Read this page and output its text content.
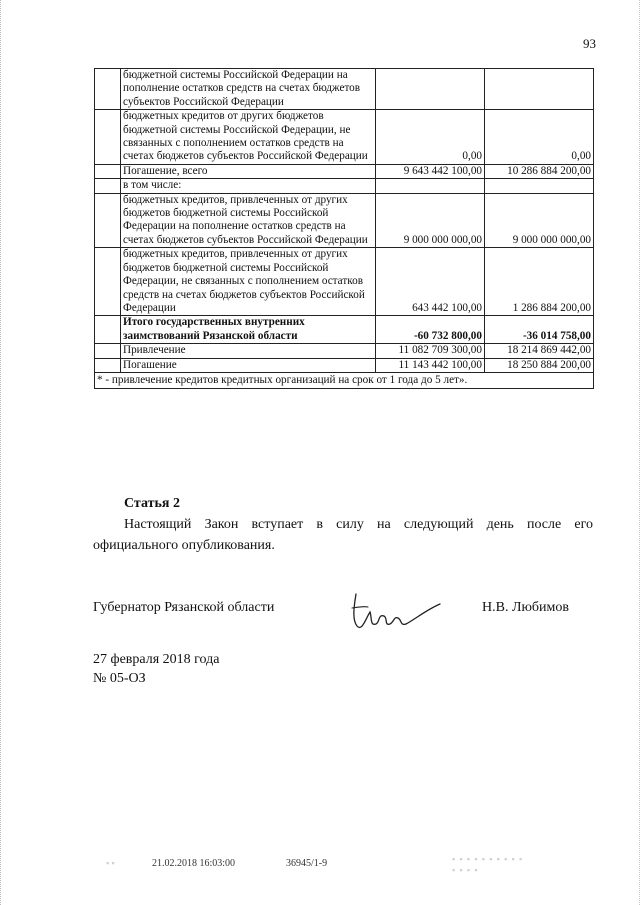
93
	бюджетной системы Российской Федерации на пополнение остатков средств на счетах бюджетов субъектов Российской Федерации		
	бюджетных кредитов от других бюджетов бюджетной системы Российской Федерации, не связанных с пополнением остатков средств на счетах бюджетов субъектов Российской Федерации	0,00	0,00
	Погашение, всего	9 643 442 100,00	10 286 884 200,00
	в том числе:		
	бюджетных кредитов, привлеченных от других бюджетов бюджетной системы Российской Федерации на пополнение остатков средств на счетах бюджетов субъектов Российской Федерации	9 000 000 000,00	9 000 000 000,00
	бюджетных кредитов, привлеченных от других бюджетов бюджетной системы Российской Федерации, не связанных с пополнением остатков средств на счетах бюджетов субъектов Российской Федерации	643 442 100,00	1 286 884 200,00
	Итого государственных внутренних заимствований Рязанской области	-60 732 800,00	-36 014 758,00
	Привлечение	11 082 709 300,00	18 214 869 442,00
	Погашение	11 143 442 100,00	18 250 884 200,00
* - привлечение кредитов кредитных организаций на срок от 1 года до 5 лет».			
Статья 2
Настоящий Закон вступает в силу на следующий день после его официального опубликования.
Губернатор Рязанской области	Н.В. Любимов
27 февраля 2018 года
№ 05-ОЗ
▪ ▪	21.02.2018 16:03:00	36945/1-9	▪ ▪ ▪ ▪ ▪ ▪ ▪ ▪ ▪ ▪
▪ ▪ ▪ ▪
